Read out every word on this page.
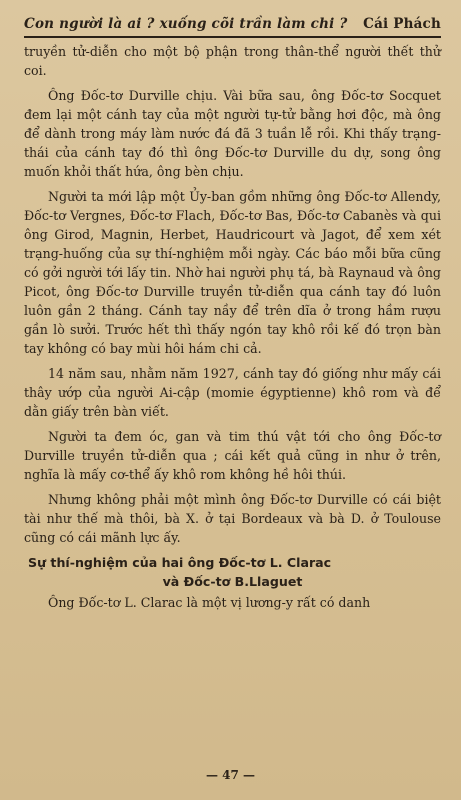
Con người là ai ? xuống cõi trần làm chi ? Cái Phách

truyền tử-diễn cho một bộ phận trong thân-thể người thết thử coi.

Ông Đốc-tơ Durville chịu. Vài bữa sau, ông Đốc-tơ Socquet đem lại một cánh tay của một người tự-tử bằng hơi độc, mà ông để dành trong máy làm nước đá đã 3 tuần lễ rồi. Khi thấy trạng-thái của cánh tay đó thì ông Đốc-tơ Durville du dự, song ông muốn khỏi thất hứa, ông bèn chịu.

Người ta mới lập một Ủy-ban gồm những ông Đốc-tơ Allendy, Đốc-tơ Vergnes, Đốc-tơ Flach, Đốc-tơ Bas, Đốc-tơ Cabanès và qui ông Girod, Magnin, Herbet, Haudricourt và Jagot, để xem xét trạng-huống của sự thí-nghiệm mỗi ngày. Các báo mỗi bữa cũng có gởi người tới lấy tin. Nhờ hai người phụ tá, bà Raynaud và ông Picot, ông Đốc-tơ Durville truyền tử-diễn qua cánh tay đó luôn luôn gần 2 tháng. Cánh tay nầy để trên dĩa ở trong hầm rượu gần lò sưởi. Trước hết thì thấy ngón tay khô rồi kế đó trọn bàn tay không có bay mùi hôi hám chi cả.

14 năm sau, nhằm năm 1927, cánh tay đó giống như mấy cái thây ướp của người Ai-cập (momie égyptienne) khô rom và để dằn giấy trên bàn viết.

Người ta đem óc, gan và tim thú vật tới cho ông Đốc-tơ Durville truyền tử-diễn qua ; cái kết quả cũng in như ở trên, nghĩa là mấy cơ-thể ấy khô rom không hề hôi thúi.

Nhưng không phải một mình ông Đốc-tơ Durville có cái biệt tài như thế mà thôi, bà X. ở tại Bordeaux và bà D. ở Toulouse cũng có cái mãnh lực ấy.

Sự thí-nghiệm của hai ông Đốc-tơ L. Clarac
và Đốc-tơ B.Llaguet

Ông Đốc-tơ L. Clarac là một vị lương-y rất có danh

— 47 —
